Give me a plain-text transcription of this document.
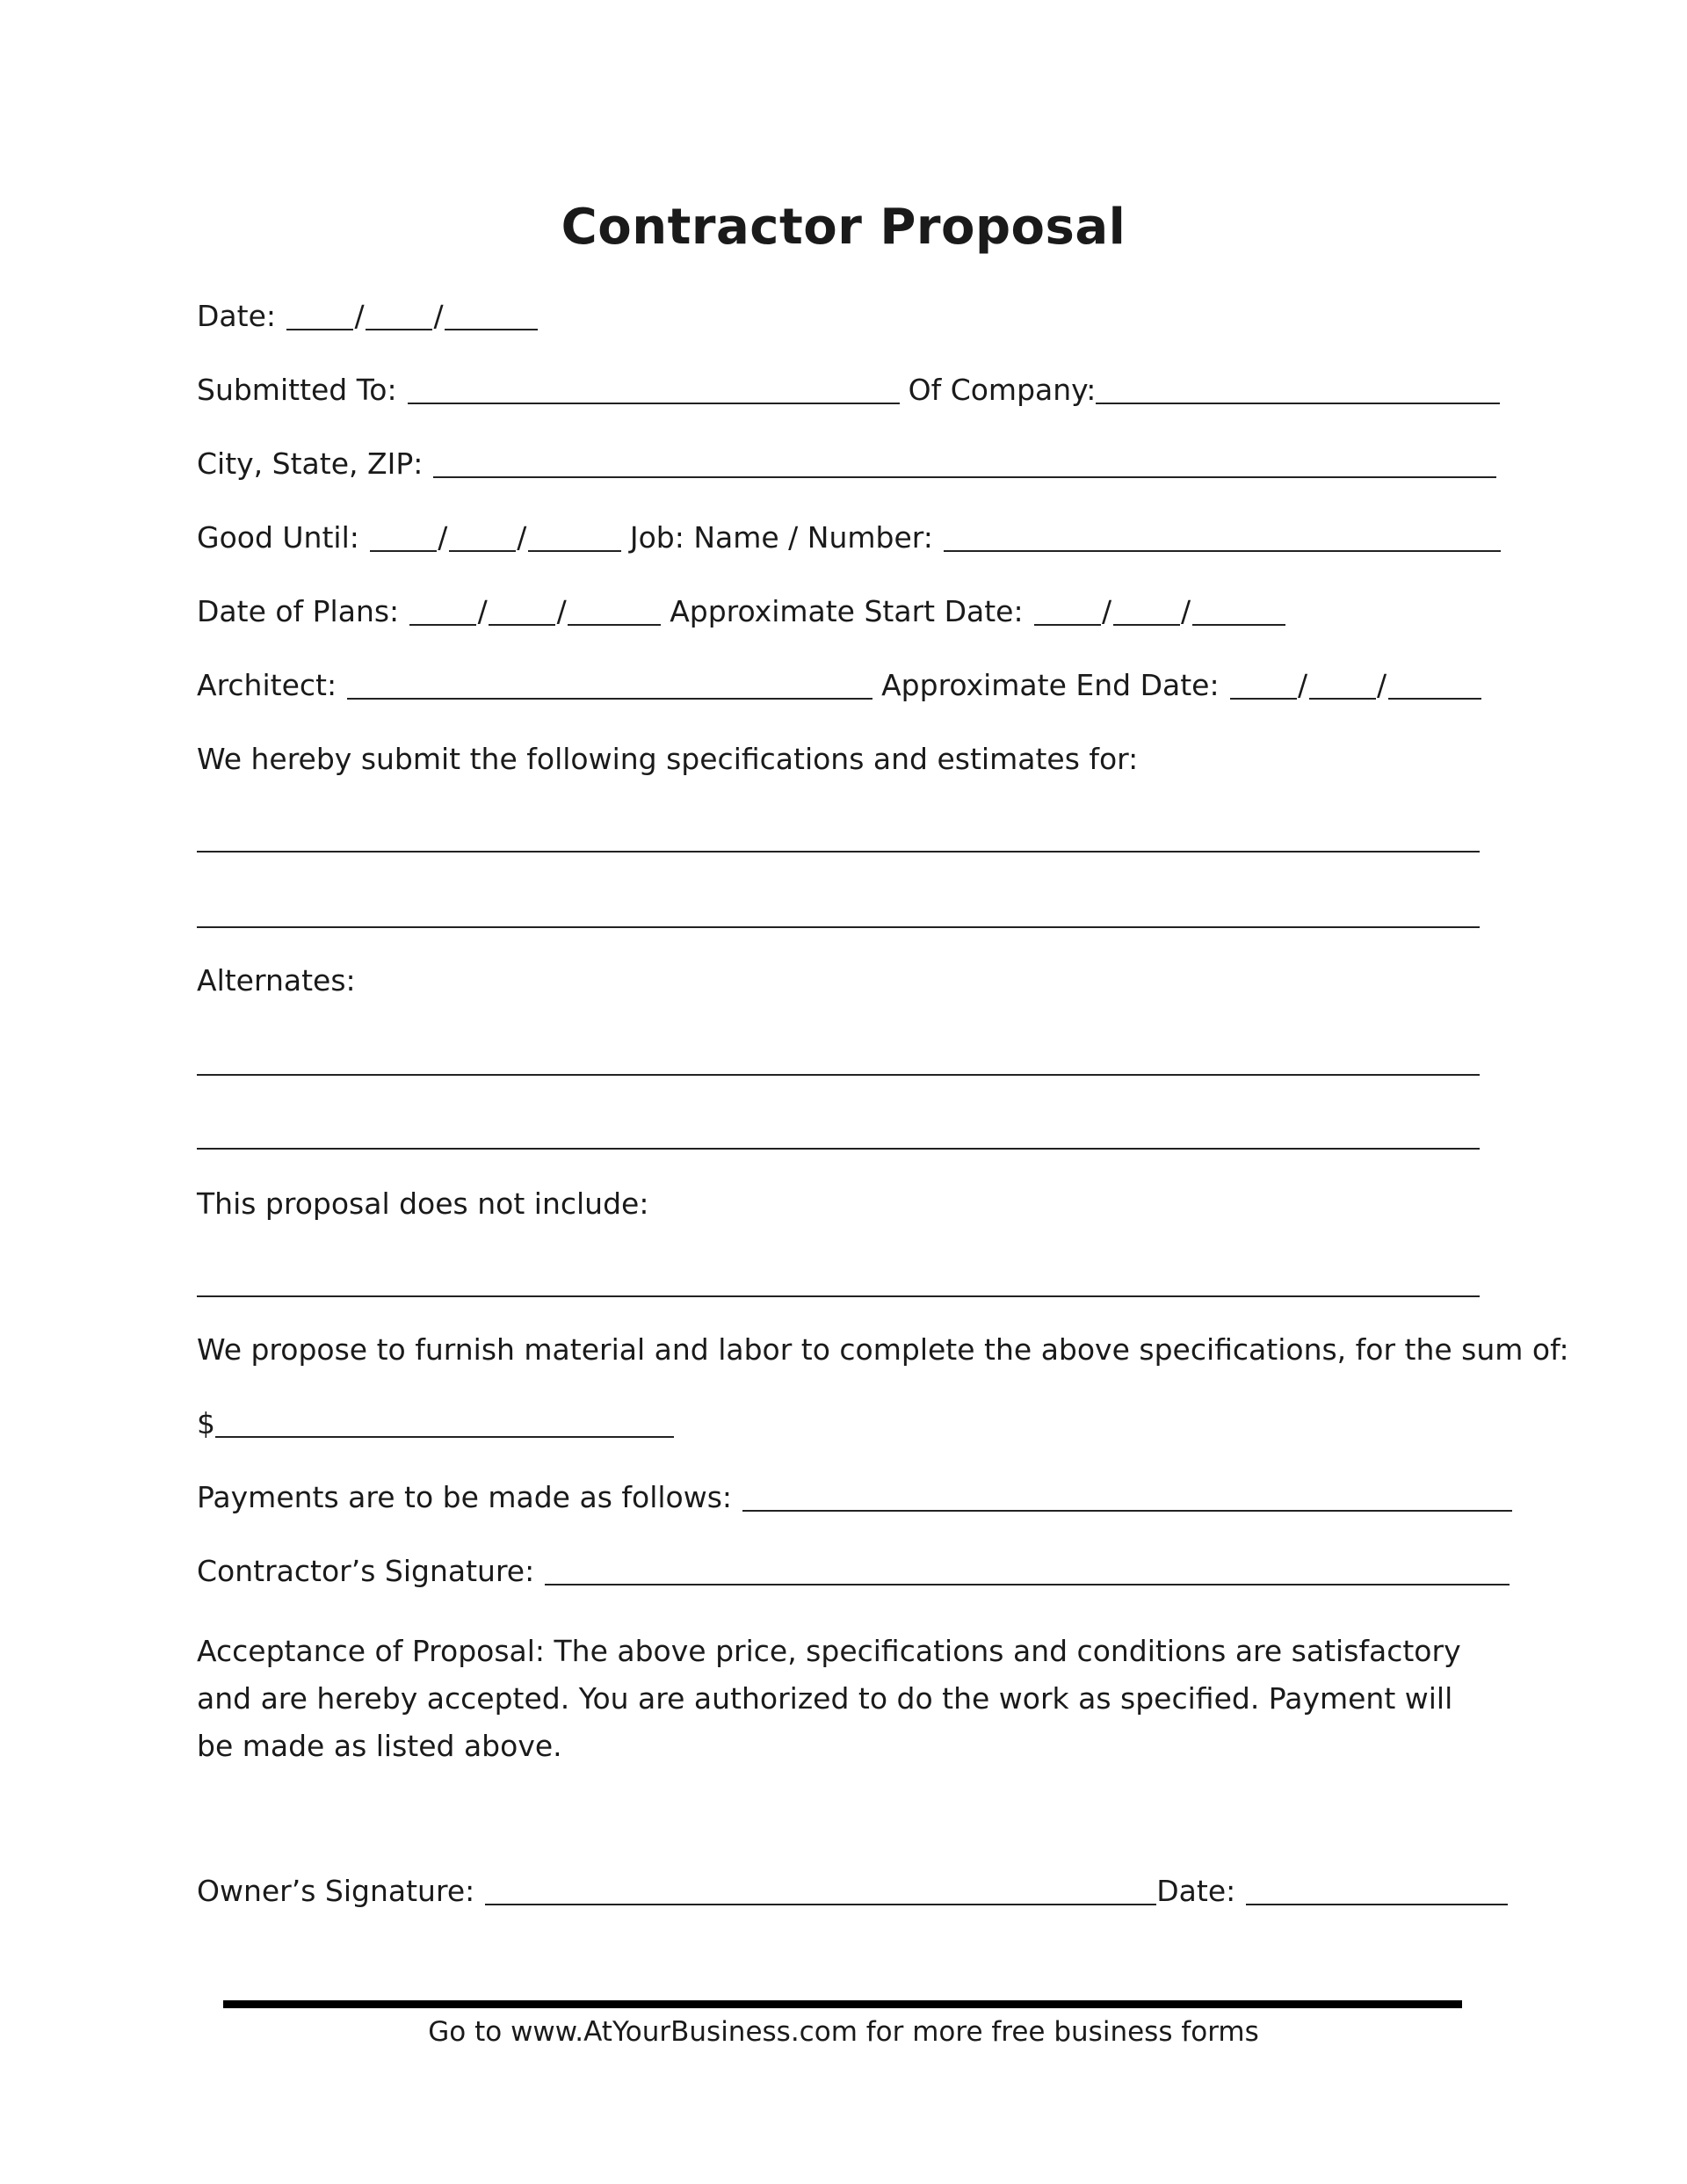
Contractor Proposal
Date:	/ /
Submitted To:	Of Company:
City, State, ZIP:
Good Until:	/ /	Job: Name / Number:
Date of Plans:	/ /	Approximate Start Date:	/ /
Architect:	Approximate End Date:	/ /
We hereby submit the following specifications and estimates for:
Alternates:
This proposal does not include:
We propose to furnish material and labor to complete the above specifications, for the sum of:
$
Payments are to be made as follows:
Contractor’s Signature:
Acceptance of Proposal: The above price, specifications and conditions are satisfactory and are hereby accepted. You are authorized to do the work as specified. Payment will be made as listed above.
Owner’s Signature:	Date:
Go to www.AtYourBusiness.com for more free business forms
